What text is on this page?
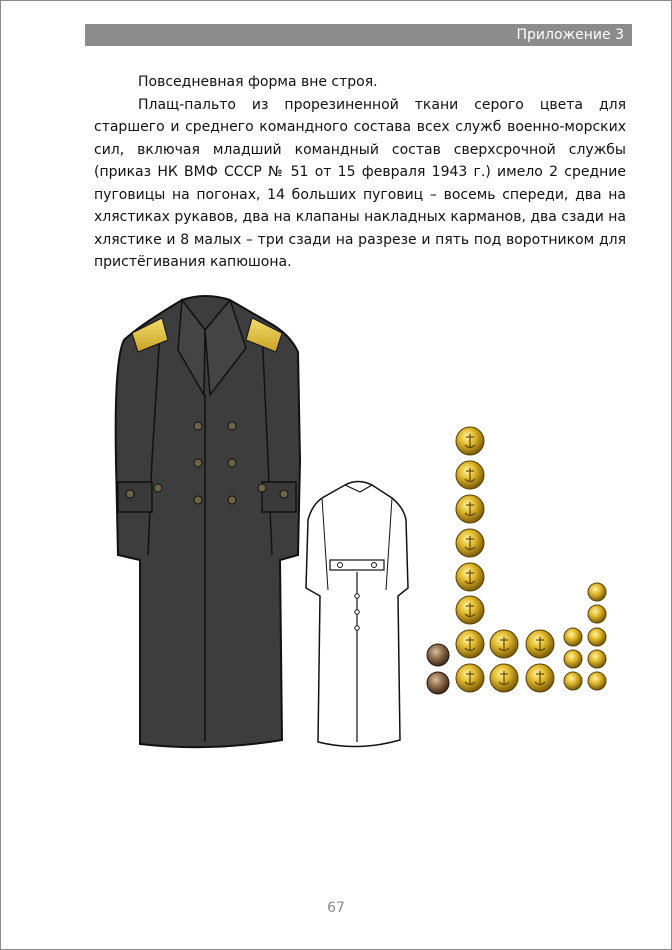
Приложение 3

Повседневная форма вне строя.

Плащ-пальто из прорезиненной ткани серого цвета для старшего и среднего командного состава всех служб военно-морских сил, включая младший командный состав сверхсрочной службы (приказ НК ВМФ СССР № 51 от 15 февраля 1943 г.) имело 2 средние пуговицы на погонах, 14 больших пуговиц – восемь спереди, два на хлястиках рукавов, два на клапаны накладных карманов, два сзади на хлястике и 8 малых – три сзади на разрезе и пять под воротником для пристёгивания капюшона.

67
